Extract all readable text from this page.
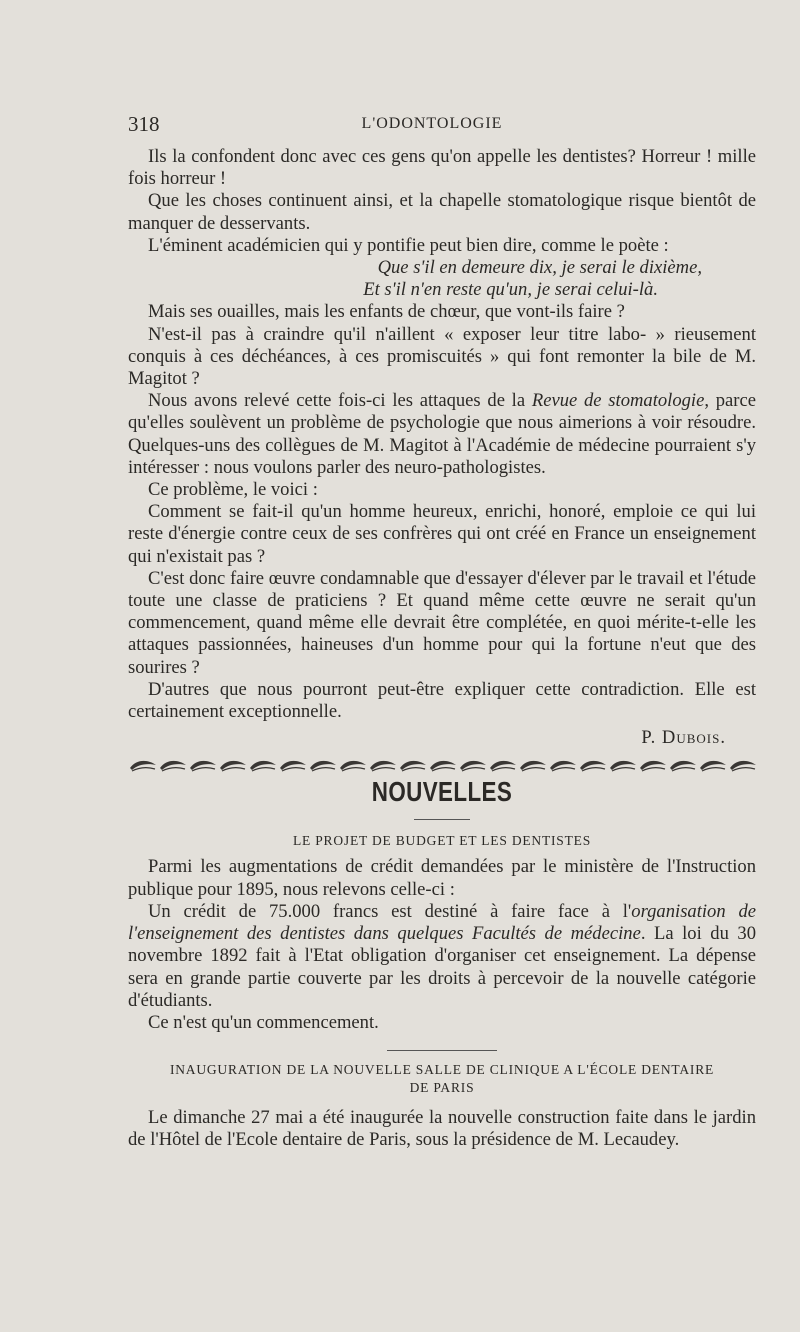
318	L'ODONTOLOGIE

Ils la confondent donc avec ces gens qu'on appelle les dentistes? Horreur ! mille fois horreur !

Que les choses continuent ainsi, et la chapelle stomatologique risque bientôt de manquer de desservants.

L'éminent académicien qui y pontifie peut bien dire, comme le poète :

Que s'il en demeure dix, je serai le dixième,

Et s'il n'en reste qu'un, je serai celui-là.

Mais ses ouailles, mais les enfants de chœur, que vont-ils faire ?

N'est-il pas à craindre qu'il n'aillent « exposer leur titre labo- » rieusement conquis à ces déchéances, à ces promiscuités » qui font remonter la bile de M. Magitot ?

Nous avons relevé cette fois-ci les attaques de la Revue de stomatologie, parce qu'elles soulèvent un problème de psychologie que nous aimerions à voir résoudre. Quelques-uns des collègues de M. Magitot à l'Académie de médecine pourraient s'y intéresser : nous voulons parler des neuro-pathologistes.

Ce problème, le voici :

Comment se fait-il qu'un homme heureux, enrichi, honoré, emploie ce qui lui reste d'énergie contre ceux de ses confrères qui ont créé en France un enseignement qui n'existait pas ?

C'est donc faire œuvre condamnable que d'essayer d'élever par le travail et l'étude toute une classe de praticiens ? Et quand même cette œuvre ne serait qu'un commencement, quand même elle devrait être complétée, en quoi mérite-t-elle les attaques passionnées, haineuses d'un homme pour qui la fortune n'eut que des sourires ?

D'autres que nous pourront peut-être expliquer cette contradiction. Elle est certainement exceptionnelle.

P. Dubois.

NOUVELLES
LE PROJET DE BUDGET ET LES DENTISTES

Parmi les augmentations de crédit demandées par le ministère de l'Instruction publique pour 1895, nous relevons celle-ci :

Un crédit de 75.000 francs est destiné à faire face à l'organisation de l'enseignement des dentistes dans quelques Facultés de médecine. La loi du 30 novembre 1892 fait à l'Etat obligation d'organiser cet enseignement. La dépense sera en grande partie couverte par les droits à percevoir de la nouvelle catégorie d'étudiants.

Ce n'est qu'un commencement.

INAUGURATION DE LA NOUVELLE SALLE DE CLINIQUE A L'ÉCOLE DENTAIRE
DE PARIS

Le dimanche 27 mai a été inaugurée la nouvelle construction faite dans le jardin de l'Hôtel de l'Ecole dentaire de Paris, sous la présidence de M. Lecaudey.
